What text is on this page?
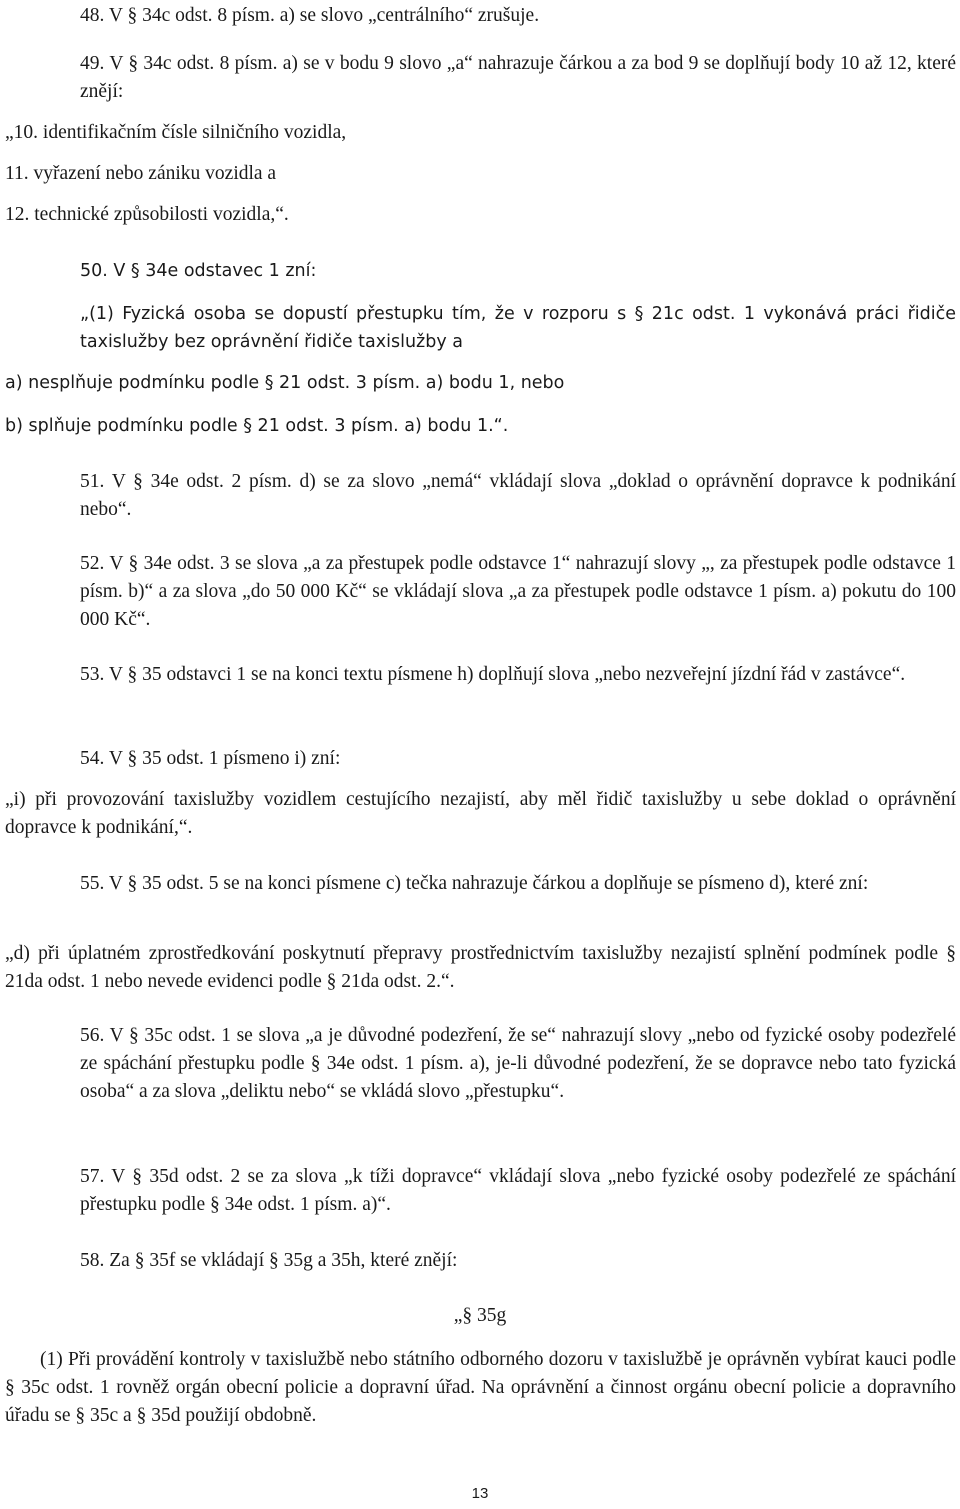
48. V § 34c odst. 8 písm. a) se slovo „centrálního“ zrušuje.

49. V § 34c odst. 8 písm. a) se v bodu 9 slovo „a“ nahrazuje čárkou a za bod 9 se doplňují body 10 až 12, které znějí:

„10. identifikačním čísle silničního vozidla,

11. vyřazení nebo zániku vozidla a

12. technické způsobilosti vozidla,“.

50. V § 34e odstavec 1 zní:

„(1) Fyzická osoba se dopustí přestupku tím, že v rozporu s § 21c odst. 1 vykonává práci řidiče taxislužby bez oprávnění řidiče taxislužby a

a) nesplňuje podmínku podle § 21 odst. 3 písm. a) bodu 1, nebo

b) splňuje podmínku podle § 21 odst. 3 písm. a) bodu 1.“.

51. V § 34e odst. 2 písm. d) se za slovo „nemá“ vkládají slova „doklad o oprávnění dopravce k podnikání nebo“.

52. V § 34e odst. 3 se slova „a za přestupek podle odstavce 1“ nahrazují slovy „, za přestupek podle odstavce 1 písm. b)“ a za slova „do 50 000 Kč“ se vkládají slova „a za přestupek podle odstavce 1 písm. a) pokutu do 100 000 Kč“.

53. V § 35 odstavci 1 se na konci textu písmene h) doplňují slova „nebo nezveřejní jízdní řád v zastávce“.

54. V § 35 odst. 1 písmeno i) zní:

„i) při provozování taxislužby vozidlem cestujícího nezajistí, aby měl řidič taxislužby u sebe doklad o oprávnění dopravce k podnikání,“.

55. V § 35 odst. 5 se na konci písmene c) tečka nahrazuje čárkou a doplňuje se písmeno d), které zní:

„d) při úplatném zprostředkování poskytnutí přepravy prostřednictvím taxislužby nezajistí splnění podmínek podle § 21da odst. 1 nebo nevede evidenci podle § 21da odst. 2.“.

56. V § 35c odst. 1 se slova „a je důvodné podezření, že se“ nahrazují slovy „nebo od fyzické osoby podezřelé ze spáchání přestupku podle § 34e odst. 1 písm. a), je-li důvodné podezření, že se dopravce nebo tato fyzická osoba“ a za slova „deliktu nebo“ se vkládá slovo „přestupku“.

57. V § 35d odst. 2 se za slova „k tíži dopravce“ vkládají slova „nebo fyzické osoby podezřelé ze spáchání přestupku podle § 34e odst. 1 písm. a)“.

58. Za § 35f se vkládají § 35g a 35h, které znějí:

„§ 35g

(1) Při provádění kontroly v taxislužbě nebo státního odborného dozoru v taxislužbě je oprávněn vybírat kauci podle § 35c odst. 1 rovněž orgán obecní policie a dopravní úřad. Na oprávnění a činnost orgánu obecní policie a dopravního úřadu se § 35c a § 35d použijí obdobně.

13
